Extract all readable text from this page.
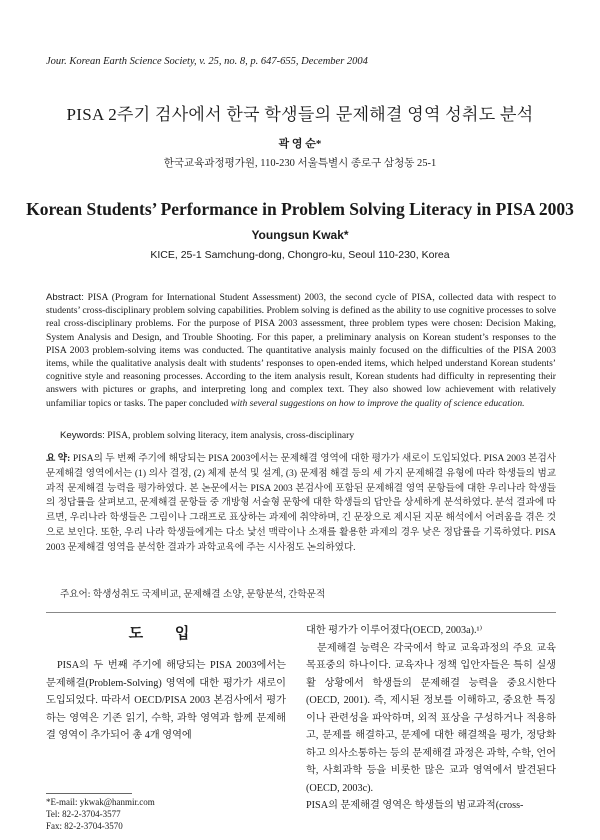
Jour. Korean Earth Science Society, v. 25, no. 8, p. 647-655, December 2004
PISA 2주기 검사에서 한국 학생들의 문제해결 영역 성취도 분석
곽 영 순*
한국교육과정평가원, 110-230 서울특별시 종로구 삼청동 25-1
Korean Students’ Performance in Problem Solving Literacy in PISA 2003
Youngsun Kwak*
KICE, 25-1 Samchung-dong, Chongro-ku, Seoul 110-230, Korea
Abstract: PISA (Program for International Student Assessment) 2003, the second cycle of PISA, collected data with respect to students’ cross-disciplinary problem solving capabilities. Problem solving is defined as the ability to use cognitive processes to solve real cross-disciplinary problems. For the purpose of PISA 2003 assessment, three problem types were chosen: Decision Making, System Analysis and Design, and Trouble Shooting. For this paper, a preliminary analysis on Korean student’s responses to the PISA 2003 problem-solving items was conducted. The quantitative analysis mainly focused on the difficulties of the PISA 2003 items, while the qualitative analysis dealt with students’ responses to open-ended items, which helped understand Korean students’ cognitive style and reasoning processes. According to the item analysis result, Korean students had difficulty in representing their answers with pictures or graphs, and interpreting long and complex text. They also showed low achievement with relatively unfamiliar topics or tasks. The paper concluded with several suggestions on how to improve the quality of science education.
Keywords: PISA, problem solving literacy, item analysis, cross-disciplinary
요 약: PISA의 두 번째 주기에 해당되는 PISA 2003에서는 문제해결 영역에 대한 평가가 새로이 도입되었다. PISA 2003 본검사 문제해결 영역에서는 (1) 의사 결정, (2) 체제 분석 및 설계, (3) 문제점 해결 등의 세 가지 문제해결 유형에 따라 학생들의 범교과적 문제해결 능력을 평가하였다. 본 논문에서는 PISA 2003 본검사에 포함된 문제해결 영역 문항들에 대한 우리나라 학생들의 정답률을 살펴보고, 문제해결 문항들 중 개방형 서술형 문항에 대한 학생들의 답안을 상세하게 분석하였다. 분석 결과에 따르면, 우리나라 학생들은 그림이나 그래프로 표상하는 과제에 취약하며, 긴 문장으로 제시된 지문 해석에서 어려움을 겪은 것으로 보인다. 또한, 우리 나라 학생들에게는 다소 낯선 맥락이나 소재를 활용한 과제의 경우 낮은 정답률을 기록하였다. PISA 2003 문제해결 영역을 분석한 결과가 과학교육에 주는 시사점도 논의하였다.
주요어: 학생성취도 국제비교, 문제해결 소양, 문항분석, 간학문적
도 입

PISA의 두 번째 주기에 해당되는 PISA 2003에서는 문제해결(Problem-Solving) 영역에 대한 평가가 새로이 도입되었다. 따라서 OECD/PISA 2003 본검사에서 평가하는 영역은 기존 읽기, 수학, 과학 영역과 함께 문제해결 영역이 추가되어 총 4개 영역에

대한 평가가 이루어졌다(OECD, 2003a).¹⁾

문제해결 능력은 각국에서 학교 교육과정의 주요 교육 목표중의 하나이다. 교육자나 정책 입안자들은 특히 실생활 상황에서 학생들의 문제해결 능력을 중요시한다(OECD, 2001). 즉, 제시된 정보를 이해하고, 중요한 특징이나 관련성을 파악하며, 외적 표상을 구성하거나 적용하고, 문제를 해결하고, 문제에 대한 해결책을 평가, 정당화하고 의사소통하는 등의 문제해결 과정은 과학, 수학, 언어학, 사회과학 등을 비롯한 많은 교과 영역에서 발견된다(OECD, 2003c).

PISA의 문제해결 영역은 학생들의 범교과적(cross-

*E-mail: ykwak@hanmir.com
Tel: 82-2-3704-3577
Fax: 82-2-3704-3570
